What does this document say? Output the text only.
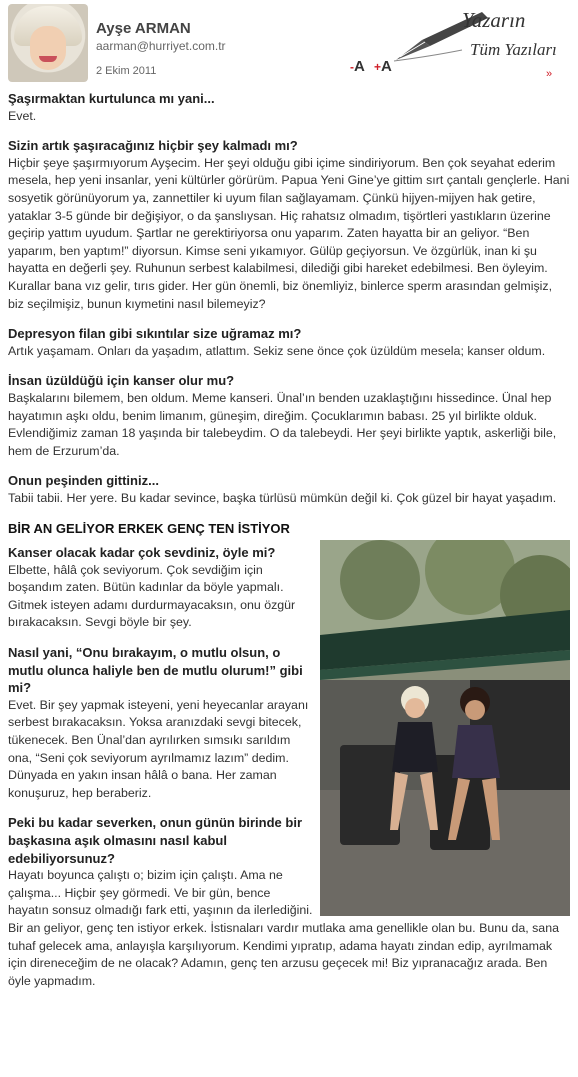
Ayşe ARMAN
aarman@hurriyet.com.tr
2 Ekim 2011
Yazarın
Tüm Yazıları
-A +A	»
Şaşırmaktan kurtulunca mı yani...
Evet.
Sizin artık şaşıracağınız hiçbir şey kalmadı mı?
Hiçbir şeye şaşırmıyorum Ayşecim. Her şeyi olduğu gibi içime sindiriyorum. Ben çok seyahat ederim mesela, hep yeni insanlar, yeni kültürler görürüm. Papua Yeni Gine’ye gittim sırt çantalı gençlerle. Hani sosyetik görünüyorum ya, zannettiler ki uyum filan sağlayamam. Çünkü hijyen-mijyen hak getire, yataklar 3-5 günde bir değişiyor, o da şanslıysan. Hiç rahatsız olmadım, tişörtleri yastıkların üzerine geçirip yattım uyudum. Şartlar ne gerektiriyorsa onu yaparım. Zaten hayatta bir an geliyor. “Ben yaparım, ben yaptım!” diyorsun. Kimse seni yıkamıyor. Gülüp geçiyorsun. Ve özgürlük, inan ki şu hayatta en değerli şey. Ruhunun serbest kalabilmesi, dilediği gibi hareket edebilmesi. Ben öyleyim. Kurallar bana vız gelir, tırıs gider. Her gün önemli, biz önemliyiz, binlerce sperm arasından gelmişiz, biz seçilmişiz, bunun kıymetini nasıl bilemeyiz?
Depresyon filan gibi sıkıntılar size uğramaz mı?
Artık yaşamam. Onları da yaşadım, atlattım. Sekiz sene önce çok üzüldüm mesela; kanser oldum.
İnsan üzüldüğü için kanser olur mu?
Başkalarını bilemem, ben oldum. Meme kanseri. Ünal’ın benden uzaklaştığını hissedince. Ünal hep hayatımın aşkı oldu, benim limanım, güneşim, direğim. Çocuklarımın babası. 25 yıl birlikte olduk. Evlendiğimiz zaman 18 yaşında bir talebeydim. O da talebeydi. Her şeyi birlikte yaptık, askerliği bile, hem de Erzurum’da.
Onun peşinden gittiniz...
Tabii tabii. Her yere. Bu kadar sevince, başka türlüsü mümkün değil ki. Çok güzel bir hayat yaşadım.
BİR AN GELİYOR ERKEK GENÇ TEN İSTİYOR
Kanser olacak kadar çok sevdiniz, öyle mi?
Elbette, hâlâ çok seviyorum. Çok sevdiğim için boşandım zaten. Bütün kadınlar da böyle yapmalı. Gitmek isteyen adamı durdurmayacaksın, onu özgür bırakacaksın. Sevgi böyle bir şey.
Nasıl yani, “Onu bırakayım, o mutlu olsun, o mutlu olunca haliyle ben de mutlu olurum!” gibi mi?
Evet. Bir şey yapmak isteyeni, yeni heyecanlar arayanı serbest bırakacaksın. Yoksa aranızdaki sevgi bitecek, tükenecek. Ben Ünal’dan ayrılırken sımsıkı sarıldım ona, “Seni çok seviyorum ayrılmamız lazım” dedim. Dünyada en yakın insan hâlâ o bana. Her zaman konuşuruz, hep beraberiz.
Peki bu kadar severken, onun günün birinde bir başkasına aşık olmasını nasıl kabul edebiliyorsunuz?
Hayatı boyunca çalıştı o; bizim için çalıştı. Ama ne çalışma... Hiçbir şey görmedi. Ve bir gün, bence hayatın sonsuz olmadığı fark etti, yaşının da ilerlediğini. Bir an geliyor, genç ten istiyor erkek. İstisnaları vardır mutlaka ama genellikle olan bu. Bunu da, sana tuhaf gelecek ama, anlayışla karşılıyorum. Kendimi yıpratıp, adama hayatı zindan edip, ayrılmamak için direneceğim de ne olacak? Adamın, genç ten arzusu geçecek mi! Biz yıpranacağız arada. Ben öyle yapmadım.
